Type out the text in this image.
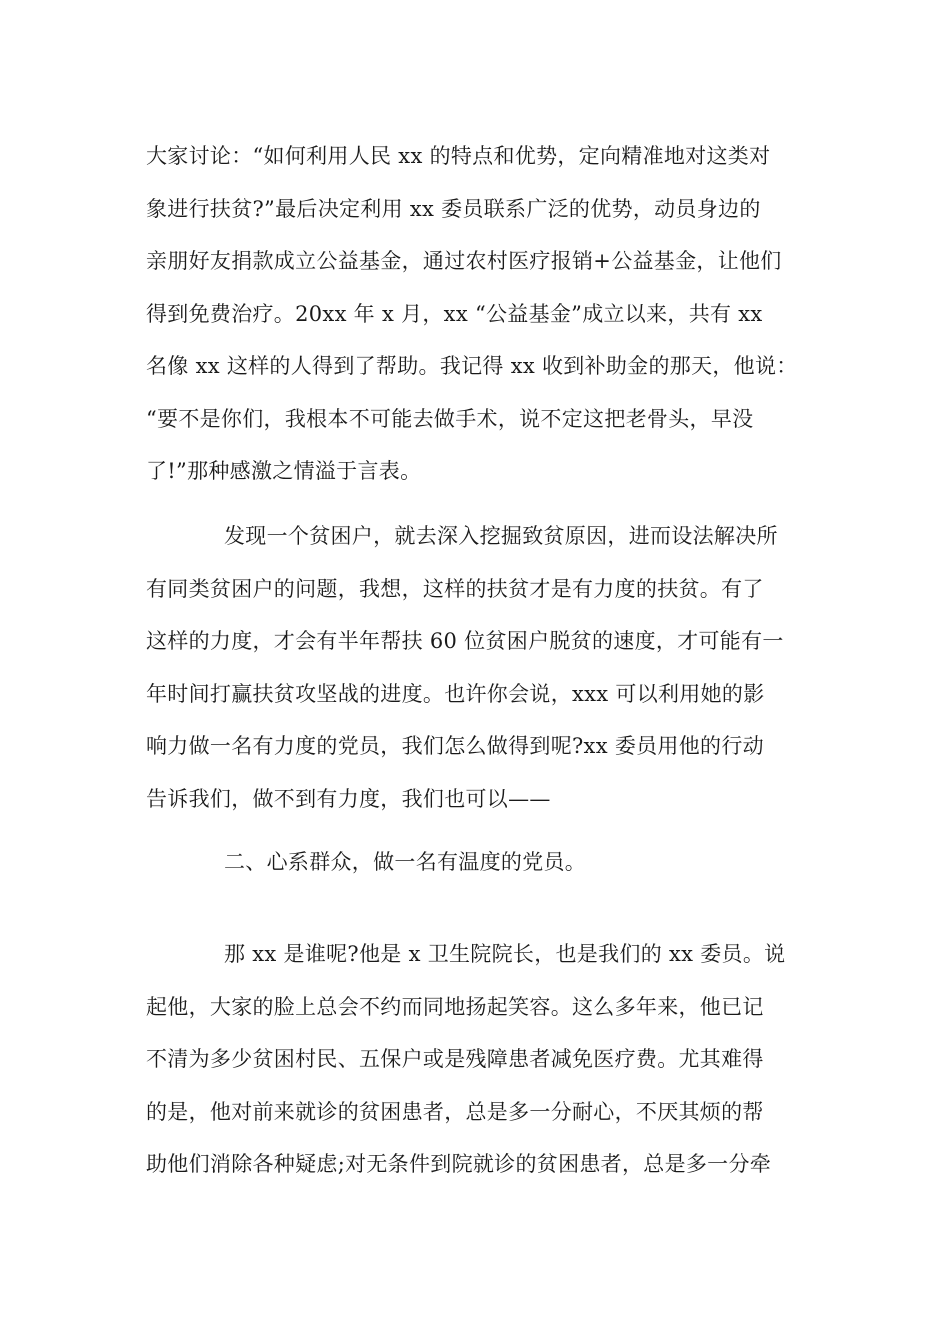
大家讨论：“如何利用人民 xx 的特点和优势，定向精准地对这类对
象进行扶贫?”最后决定利用 xx 委员联系广泛的优势，动员身边的
亲朋好友捐款成立公益基金，通过农村医疗报销+公益基金，让他们
得到免费治疗。20xx 年 x 月，xx “公益基金”成立以来，共有 xx
名像 xx 这样的人得到了帮助。我记得 xx 收到补助金的那天，他说：
“要不是你们，我根本不可能去做手术，说不定这把老骨头，早没
了!”那种感激之情溢于言表。
发现一个贫困户，就去深入挖掘致贫原因，进而设法解决所
有同类贫困户的问题，我想，这样的扶贫才是有力度的扶贫。有了
这样的力度，才会有半年帮扶 60 位贫困户脱贫的速度，才可能有一
年时间打赢扶贫攻坚战的进度。也许你会说，xxx 可以利用她的影
响力做一名有力度的党员，我们怎么做得到呢?xx 委员用他的行动
告诉我们，做不到有力度，我们也可以——
二、心系群众，做一名有温度的党员。
那 xx 是谁呢?他是 x 卫生院院长，也是我们的 xx 委员。说
起他，大家的脸上总会不约而同地扬起笑容。这么多年来，他已记
不清为多少贫困村民、五保户或是残障患者减免医疗费。尤其难得
的是，他对前来就诊的贫困患者，总是多一分耐心，不厌其烦的帮
助他们消除各种疑虑;对无条件到院就诊的贫困患者，总是多一分牵
